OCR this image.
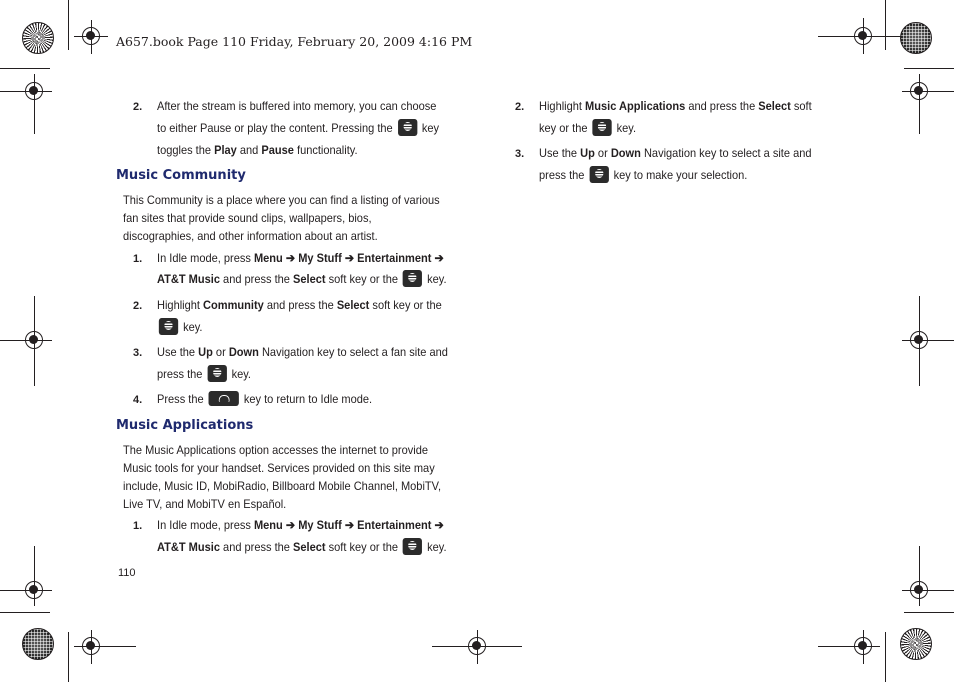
A657.book Page 110 Friday, February 20, 2009 4:16 PM
2. After the stream is buffered into memory, you can choose
to either Pause or play the content. Pressing the key
toggles the Play and Pause functionality.
Music Community
This Community is a place where you can find a listing of various
fan sites that provide sound clips, wallpapers, bios,
discographies, and other information about an artist.
1. In Idle mode, press Menu ➔ My Stuff ➔ Entertainment ➔
AT&T Music and press the Select soft key or the key.
2. Highlight Community and press the Select soft key or the
key.
3. Use the Up or Down Navigation key to select a fan site and
press the key.
4. Press the	key to return to Idle mode.
Music Applications
The Music Applications option accesses the internet to provide
Music tools for your handset. Services provided on this site may
include, Music ID, MobiRadio, Billboard Mobile Channel, MobiTV,
Live TV, and MobiTV en Español.
1. In Idle mode, press Menu ➔ My Stuff ➔ Entertainment ➔
AT&T Music and press the Select soft key or the key.
110
2. Highlight Music Applications and press the Select soft
key or the key.
3. Use the Up or Down Navigation key to select a site and
press the key to make your selection.
